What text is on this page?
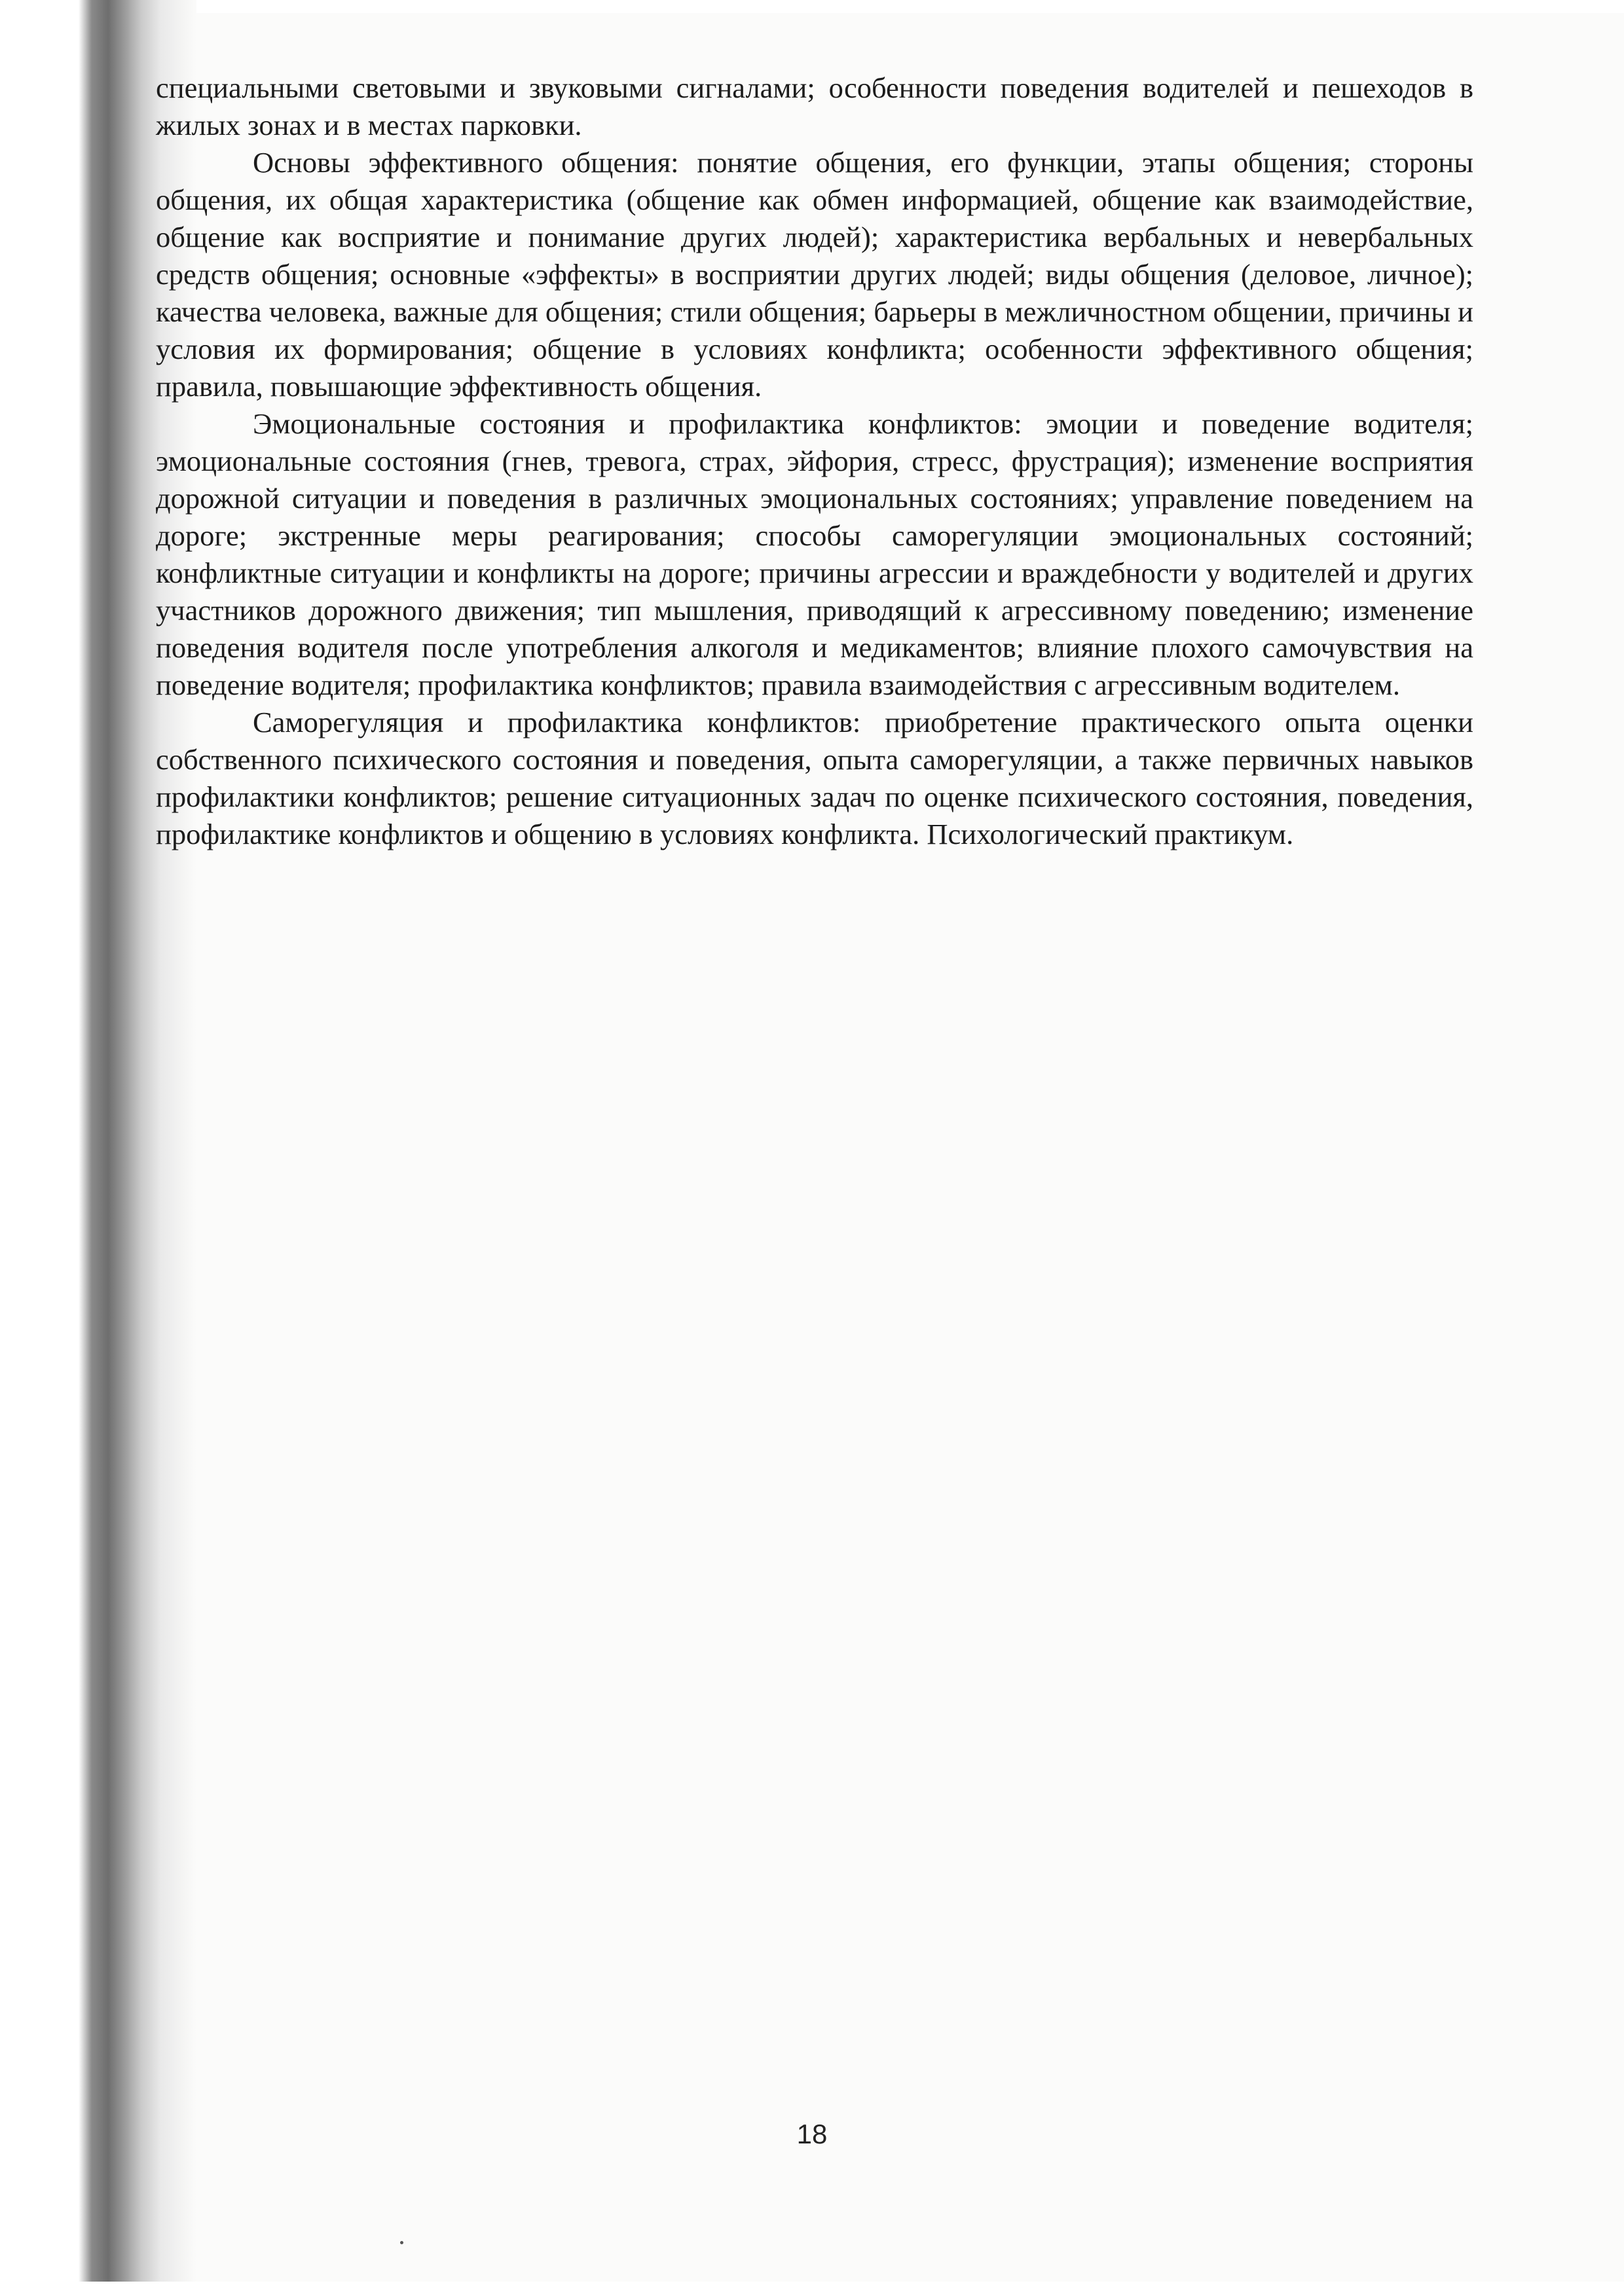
специальными световыми и звуковыми сигналами; особенности поведения водителей и пешеходов в жилых зонах и в местах парковки.

Основы эффективного общения: понятие общения, его функции, этапы общения; стороны общения, их общая характеристика (общение как обмен информацией, общение как взаимодействие, общение как восприятие и понимание других людей); характеристика вербальных и невербальных средств общения; основные «эффекты» в восприятии других людей; виды общения (деловое, личное); качества человека, важные для общения; стили общения; барьеры в межличностном общении, причины и условия их формирования; общение в условиях конфликта; особенности эффективного общения; правила, повышающие эффективность общения.

Эмоциональные состояния и профилактика конфликтов: эмоции и поведение водителя; эмоциональные состояния (гнев, тревога, страх, эйфория, стресс, фрустрация); изменение восприятия дорожной ситуации и поведения в различных эмоциональных состояниях; управление поведением на дороге; экстренные меры реагирования; способы саморегуляции эмоциональных состояний; конфликтные ситуации и конфликты на дороге; причины агрессии и враждебности у водителей и других участников дорожного движения; тип мышления, приводящий к агрессивному поведению; изменение поведения водителя после употребления алкоголя и медикаментов; влияние плохого самочувствия на поведение водителя; профилактика конфликтов; правила взаимодействия с агрессивным водителем.

Саморегуляция и профилактика конфликтов: приобретение практического опыта оценки собственного психического состояния и поведения, опыта саморегуляции, а также первичных навыков профилактики конфликтов; решение ситуационных задач по оценке психического состояния, поведения, профилактике конфликтов и общению в условиях конфликта. Психологический практикум.

18
